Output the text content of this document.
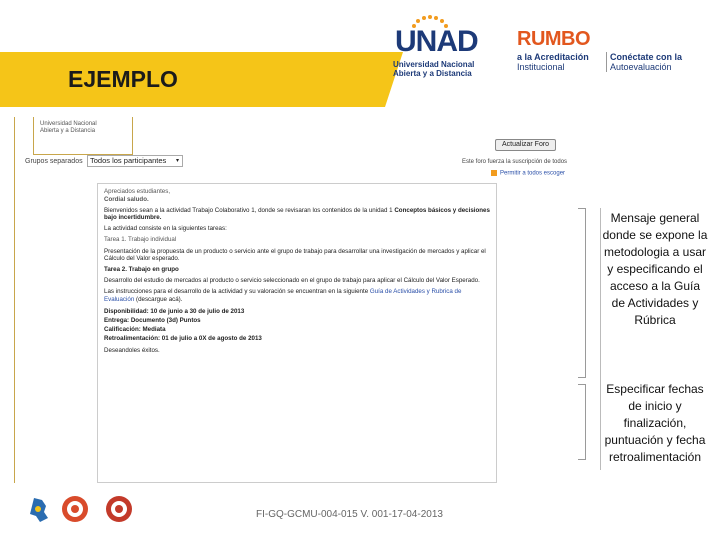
EJEMPLO
UNAD
Universidad Nacional
Abierta y a Distancia
RUMBO
a la Acreditación
Institucional
Conéctate con la
Autoevaluación
Universidad Nacional
Abierta y a Distancia
Actualizar Foro
Grupos separados Todos los participantes ▾	Este foro fuerza la suscripción de todos
Permitir a todos escoger

Apreciados estudiantes,
Cordial saludo.

Bienvenidos sean a la actividad Trabajo Colaborativo 1, donde se revisaran los contenidos de la unidad 1 Conceptos básicos y decisiones bajo incertidumbre.

La actividad consiste en la siguientes tareas:

Tarea 1. Trabajo individual

Presentación de la propuesta de un producto o servicio ante el grupo de trabajo para desarrollar una investigación de mercados y aplicar el Cálculo del Valor esperado.

Tarea 2. Trabajo en grupo

Desarrollo del estudio de mercados al producto o servicio seleccionado en el grupo de trabajo para aplicar el Cálculo del Valor Esperado.

Las instrucciones para el desarrollo de la actividad y su valoración se encuentran en la siguiente Guía de Actividades y Rubrica de Evaluación (descargue acá).

Disponibilidad: 10 de junio a 30 de julio de 2013
Entrega: Documento (3d) Puntos
Calificación: Mediata
Retroalimentación: 01 de julio a 0X de agosto de 2013

Deseandoles éxitos.

Mensaje general donde se expone la metodologia a usar y especificando el acceso a la Guía de Actividades y Rúbrica
Especificar fechas de inicio y finalización, puntuación y fecha retroalimentación
FI-GQ-GCMU-004-015 V. 001-17-04-2013
